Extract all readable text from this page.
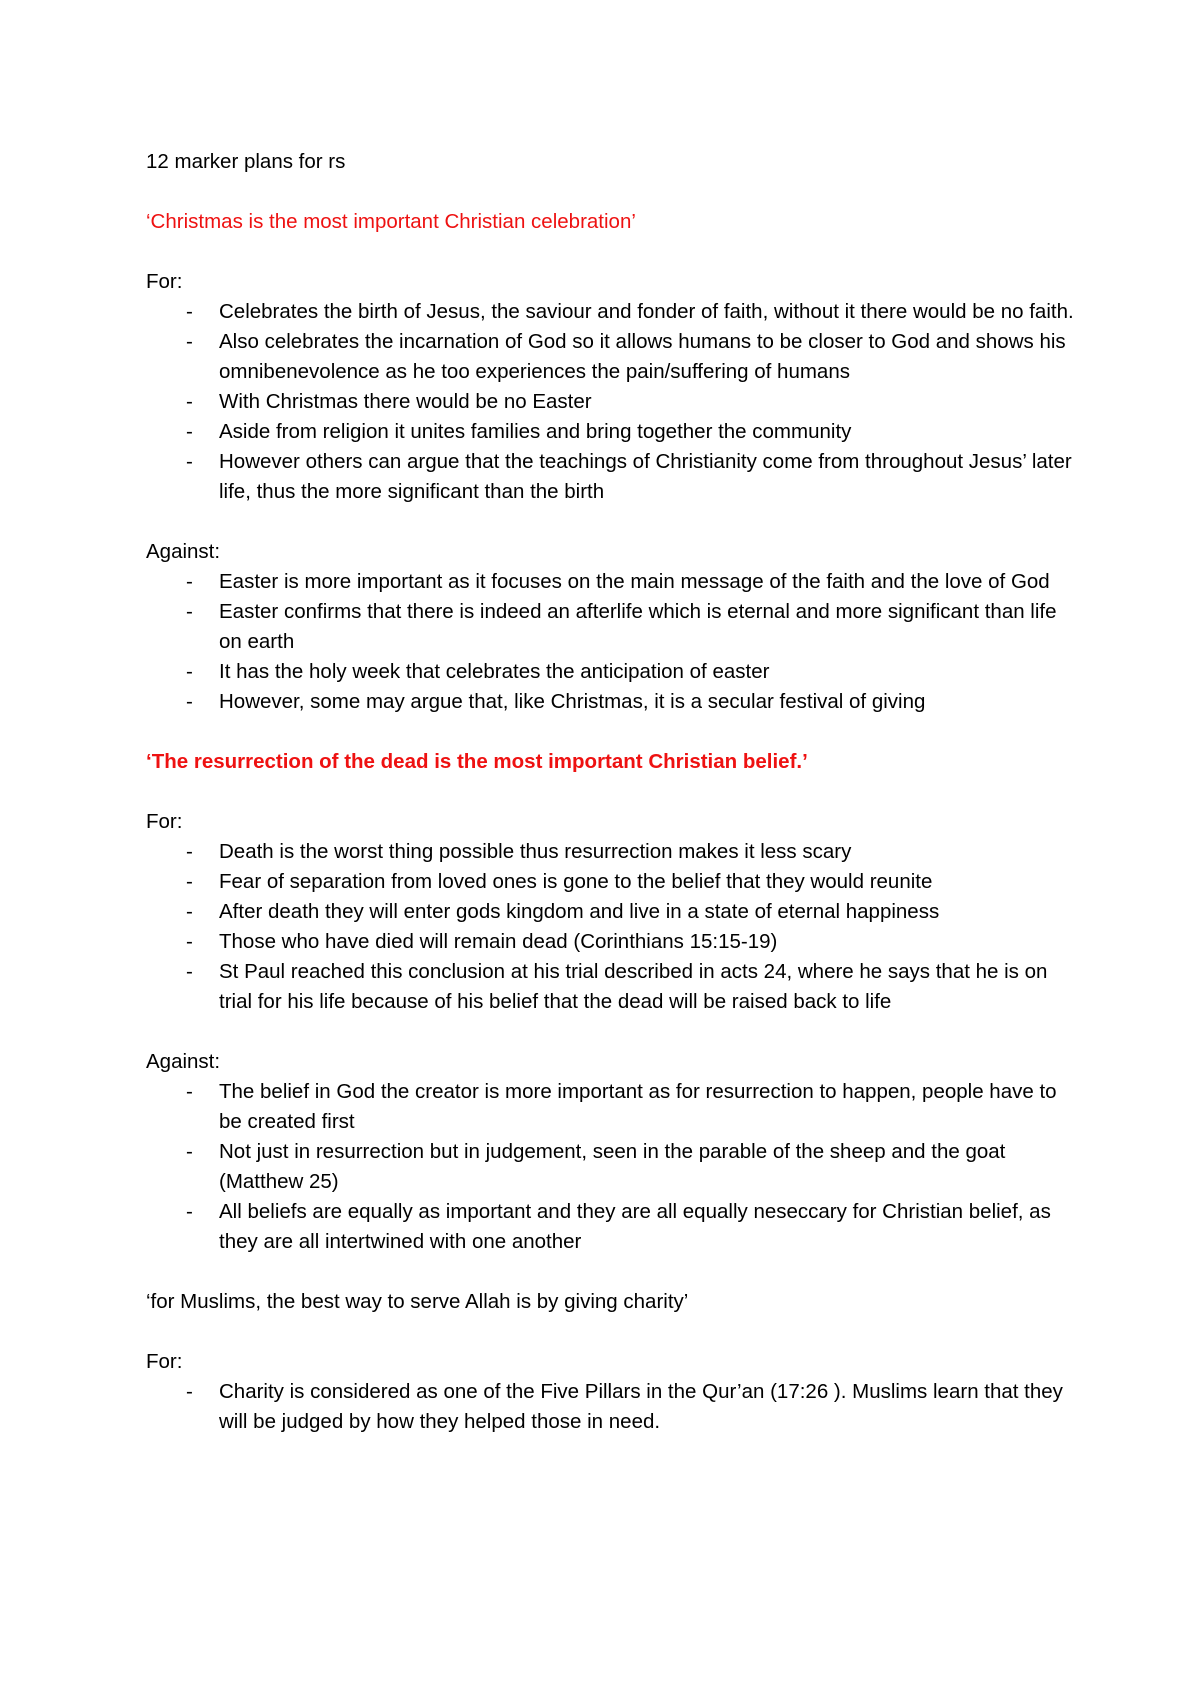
12 marker plans for rs
‘Christmas is the most important Christian celebration’
For:
- Celebrates the birth of Jesus, the saviour and fonder of faith, without it there would be no faith.
- Also celebrates the incarnation of God so it allows humans to be closer to God and shows his omnibenevolence as he too experiences the pain/suffering of humans
- With Christmas there would be no Easter
- Aside from religion it unites families and bring together the community
- However others can argue that the teachings of Christianity come from throughout Jesus’ later life, thus the more significant than the birth
Against:
- Easter is more important as it focuses on the main message of the faith and the love of God
- Easter confirms that there is indeed an afterlife which is eternal and more significant than life on earth
- It has the holy week that celebrates the anticipation of easter
- However, some may argue that, like Christmas, it is a secular festival of giving
‘The resurrection of the dead is the most important Christian belief.’
For:
- Death is the worst thing possible thus resurrection makes it less scary
- Fear of separation from loved ones is gone to the belief that they would reunite
- After death they will enter gods kingdom and live in a state of eternal happiness
- Those who have died will remain dead (Corinthians 15:15-19)
- St Paul reached this conclusion at his trial described in acts 24, where he says that he is on trial for his life because of his belief that the dead will be raised back to life
Against:
- The belief in God the creator is more important as for resurrection to happen, people have to be created first
- Not just in resurrection but in judgement, seen in the parable of the sheep and the goat (Matthew 25)
- All beliefs are equally as important and they are all equally neseccary for Christian belief, as they are all intertwined with one another
‘for Muslims, the best way to serve Allah is by giving charity’
For:
- Charity is considered as one of the Five Pillars in the Qur’an (17:26 ). Muslims learn that they will be judged by how they helped those in need.
